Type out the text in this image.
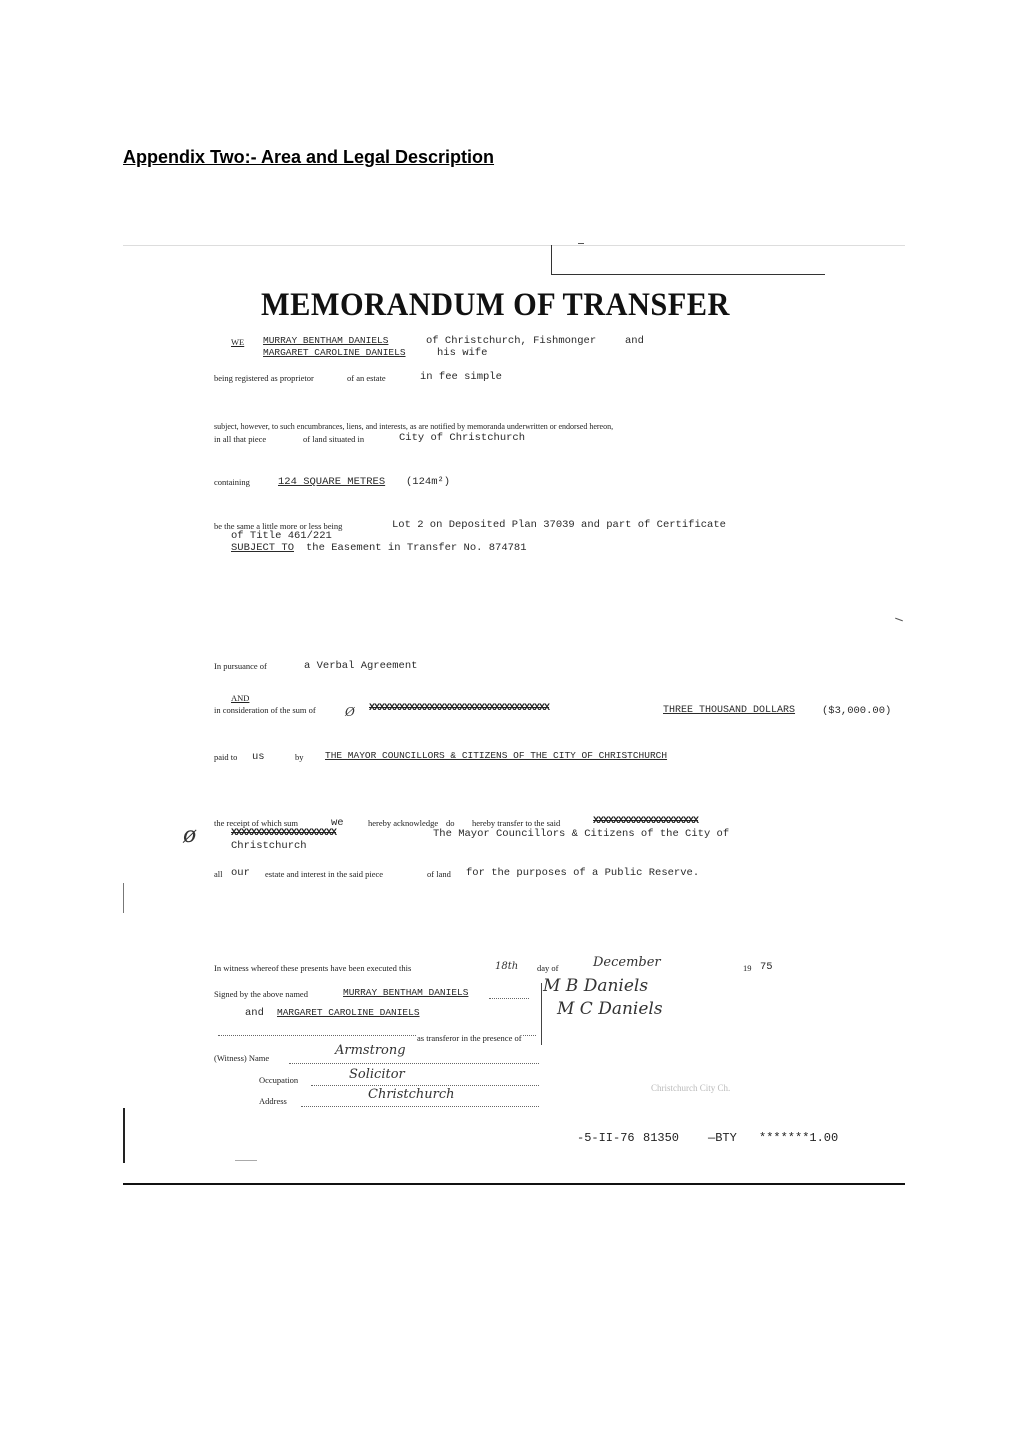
Appendix Two:- Area and Legal Description
MEMORANDUM OF TRANSFER
WE MURRAY BENTHAM DANIELS	of Christchurch, Fishmonger	and
MARGARET CAROLINE DANIELS	his wife
being registered as proprietor	of an estate	in fee simple
subject, however, to such encumbrances, liens, and interests, as are notified by memoranda underwritten or endorsed hereon,
in all that piece	of land situated in	City of Christchurch
containing	124 SQUARE METRES (124m²)
be the same a little more or less being	Lot 2 on Deposited Plan 37039 and part of Certificate
of Title 461/221
SUBJECT TO the Easement in Transfer No. 874781
In pursuance of	a Verbal Agreement
AND
in consideration of the sum of Ø XXXXXXXXXXXXXXXXXXXXXXXXXXXXXXXXXXXX	THREE THOUSAND DOLLARS	($3,000.00)
paid to us	by THE MAYOR COUNCILLORS & CITIZENS OF THE CITY OF CHRISTCHURCH
the receipt of which sum	we	hereby acknowledge do hereby transfer to the said	XXXXXXXXXXXXXXXXXXXXX
ø	XXXXXXXXXXXXXXXXXXXXX	The Mayor Councillors & Citizens of the City of
Christchurch
all our estate and interest in the said piece	of land for the purposes of a Public Reserve.
In witness whereof these presents have been executed this	18th day of	December	19 75
Signed by the above named	MURRAY BENTHAM DANIELS
and MARGARET CAROLINE DANIELS
as transferor in the presence of
M B Daniels
M C Daniels
(Witness) Name	Armstrong
Occupation	Solicitor
Address	Christchurch	Christchurch City Ch.
-5-II-76 81350 —BTY *******1.00
